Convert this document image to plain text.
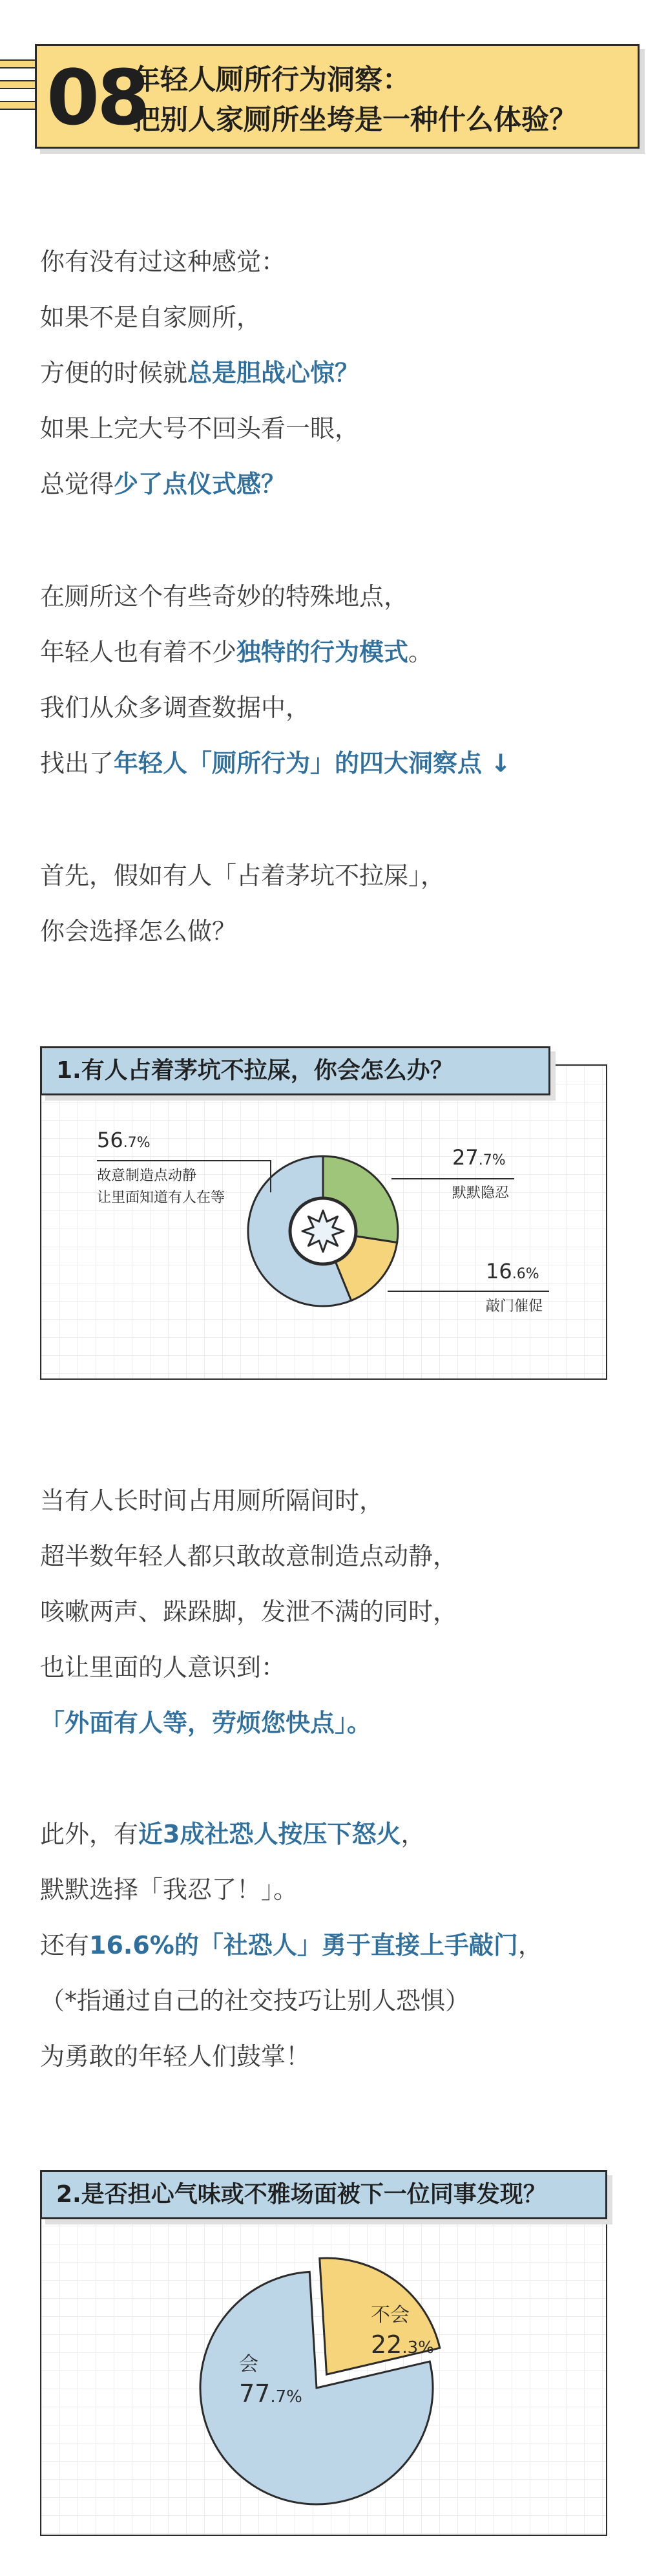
08
年轻人厕所行为洞察：
把别人家厕所坐垮是一种什么体验？
你有没有过这种感觉：
如果不是自家厕所，
方便的时候就总是胆战心惊？
如果上完大号不回头看一眼，
总觉得少了点仪式感？
在厕所这个有些奇妙的特殊地点，
年轻人也有着不少独特的行为模式。
我们从众多调查数据中，
找出了年轻人「厕所行为」的四大洞察点 ↓
首先，假如有人「占着茅坑不拉屎」，
你会选择怎么做？
1.有人占着茅坑不拉屎，你会怎么办？
56.7%
故意制造点动静
让里面知道有人在等
27.7%
默默隐忍
16.6%
敲门催促
当有人长时间占用厕所隔间时，
超半数年轻人都只敢故意制造点动静，
咳嗽两声、跺跺脚，发泄不满的同时，
也让里面的人意识到：
「外面有人等，劳烦您快点」。
此外，有近3成社恐人按压下怒火，
默默选择「我忍了！」。
还有16.6%的「社恐人」勇于直接上手敲门，
（*指通过自己的社交技巧让别人恐惧）
为勇敢的年轻人们鼓掌！
2.是否担心气味或不雅场面被下一位同事发现？
会
77.7%
不会
22.3%
